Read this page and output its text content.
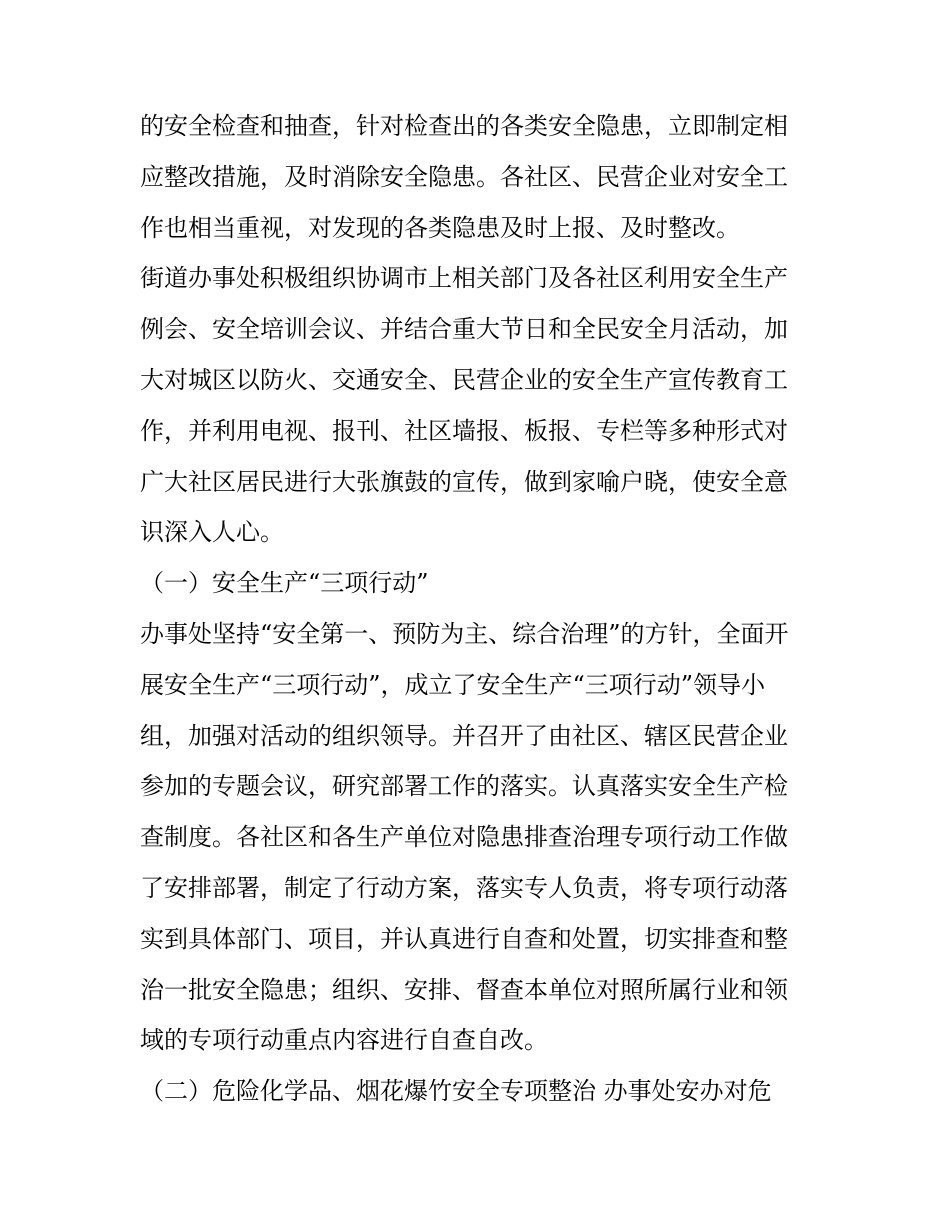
的安全检查和抽查，针对检查出的各类安全隐患，立即制定相
应整改措施，及时消除安全隐患。各社区、民营企业对安全工
作也相当重视，对发现的各类隐患及时上报、及时整改。
街道办事处积极组织协调市上相关部门及各社区利用安全生产
例会、安全培训会议、并结合重大节日和全民安全月活动，加
大对城区以防火、交通安全、民营企业的安全生产宣传教育工
作，并利用电视、报刊、社区墙报、板报、专栏等多种形式对
广大社区居民进行大张旗鼓的宣传，做到家喻户晓，使安全意
识深入人心。
（一）安全生产“三项行动”
办事处坚持“安全第一、预防为主、综合治理”的方针，全面开
展安全生产“三项行动”，成立了安全生产“三项行动”领导小
组，加强对活动的组织领导。并召开了由社区、辖区民营企业
参加的专题会议，研究部署工作的落实。认真落实安全生产检
查制度。各社区和各生产单位对隐患排查治理专项行动工作做
了安排部署，制定了行动方案，落实专人负责，将专项行动落
实到具体部门、项目，并认真进行自查和处置，切实排查和整
治一批安全隐患；组织、安排、督查本单位对照所属行业和领
域的专项行动重点内容进行自查自改。
（二）危险化学品、烟花爆竹安全专项整治 办事处安办对危
